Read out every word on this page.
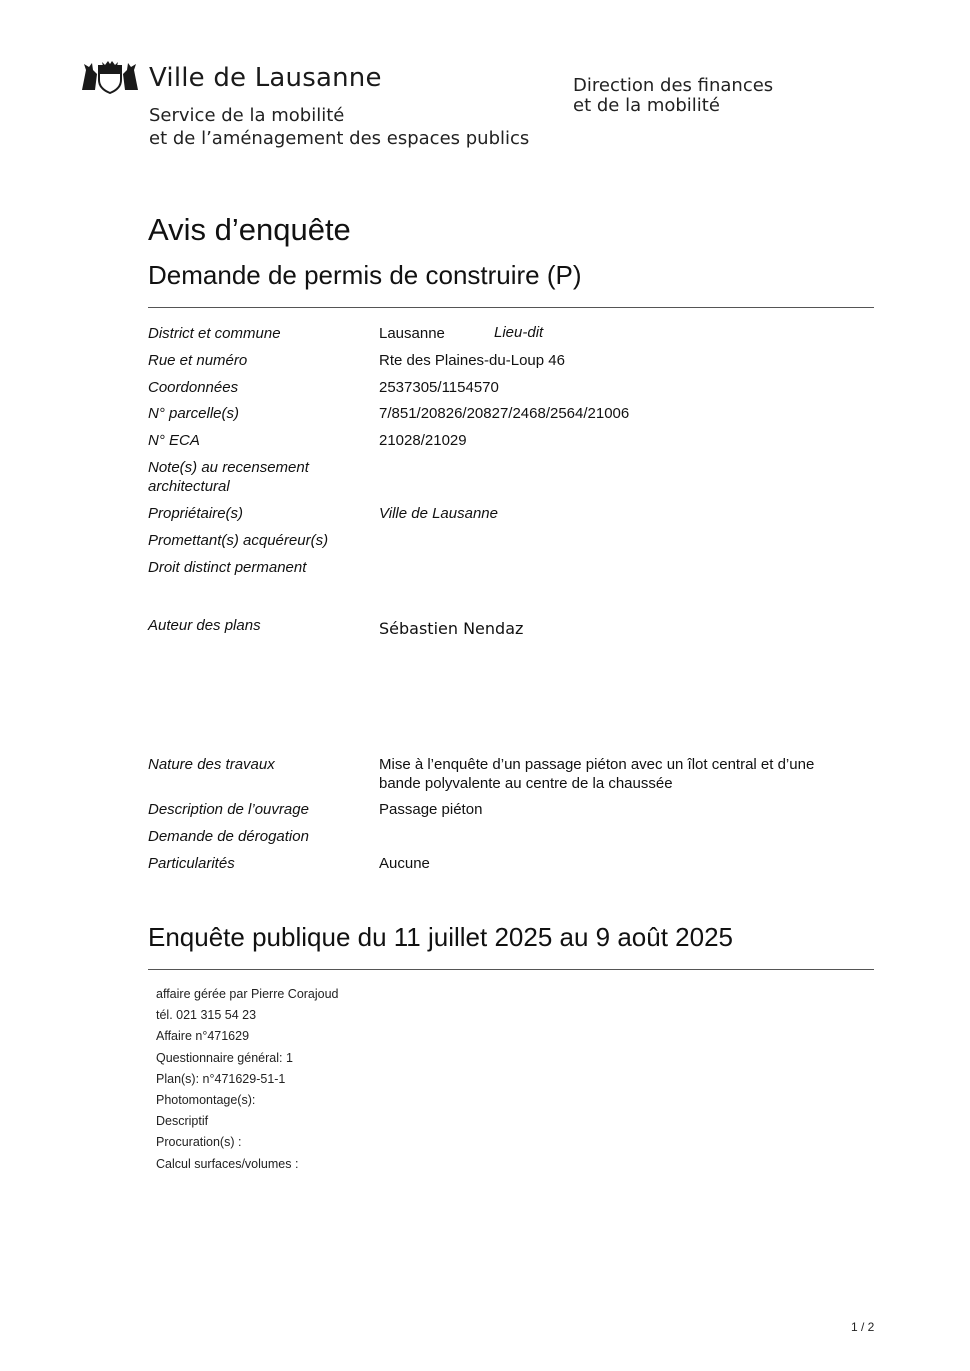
Ville de Lausanne
Service de la mobilité
et de l’aménagement des espaces publics
Direction des finances
et de la mobilité
Avis d’enquête
Demande de permis de construire (P)
District et commune	Lausanne	Lieu-dit
Rue et numéro	Rte des Plaines-du-Loup 46
Coordonnées	2537305/1154570
N° parcelle(s)	7/851/20826/20827/2468/2564/21006
N° ECA	21028/21029
Note(s) au recensement
architectural
Propriétaire(s)	Ville de Lausanne
Promettant(s) acquéreur(s)
Droit distinct permanent
Auteur des plans	Sébastien Nendaz
Nature des travaux	Mise à l’enquête d’un passage piéton avec un îlot central et d’une
bande polyvalente au centre de la chaussée
Description de l’ouvrage	Passage piéton
Demande de dérogation
Particularités	Aucune
Enquête publique du 11 juillet 2025 au 9 août 2025
affaire gérée par Pierre Corajoud
tél. 021 315 54 23
Affaire n°471629
Questionnaire général: 1
Plan(s): n°471629-51-1
Photomontage(s):
Descriptif
Procuration(s) :
Calcul surfaces/volumes :
1 / 2
